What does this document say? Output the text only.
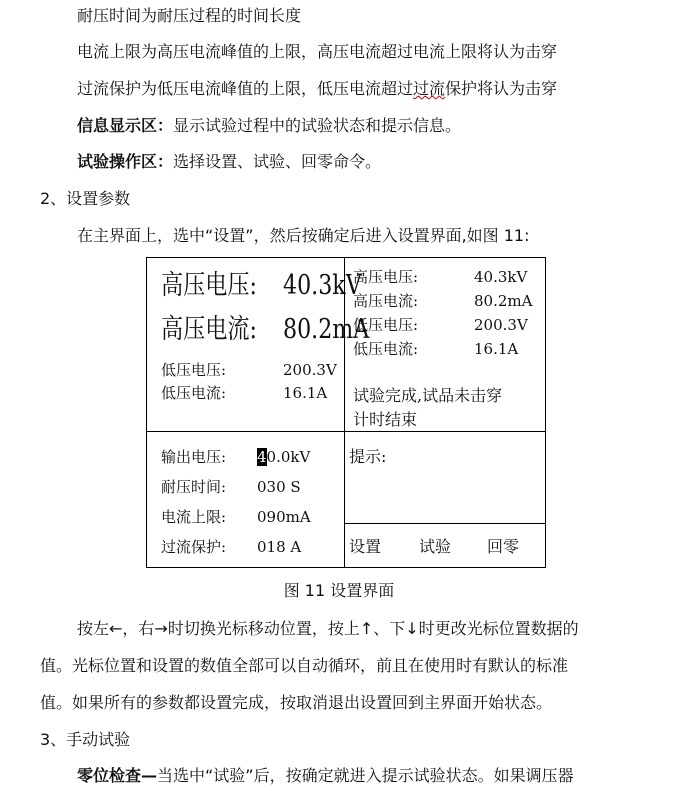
耐压时间为耐压过程的时间长度
电流上限为高压电流峰值的上限，高压电流超过电流上限将认为击穿
过流保护为低压电流峰值的上限，低压电流超过过流保护将认为击穿
信息显示区：显示试验过程中的试验状态和提示信息。
试验操作区：选择设置、试验、回零命令。
2、设置参数
在主界面上，选中“设置”，然后按确定后进入设置界面,如图 11:
高压电压: 40.3kV
高压电流: 80.2mA
低压电压:	200.3V
低压电流:	16.1A
高压电压:	40.3kV
高压电流:	80.2mA
低压电压:	200.3V
低压电流:	16.1A
试验完成,试品未击穿
计时结束
输出电压: 40.0kV
耐压时间: 030 S
电流上限: 090mA
过流保护: 018 A
提示:
设置 试验 回零
图 11 设置界面
按左←，右→时切换光标移动位置，按上↑、下↓时更改光标位置数据的
值。光标位置和设置的数值全部可以自动循环，前且在使用时有默认的标准
值。如果所有的参数都设置完成，按取消退出设置回到主界面开始状态。
3、手动试验
零位检查—当选中“试验”后，按确定就进入提示试验状态。如果调压器
